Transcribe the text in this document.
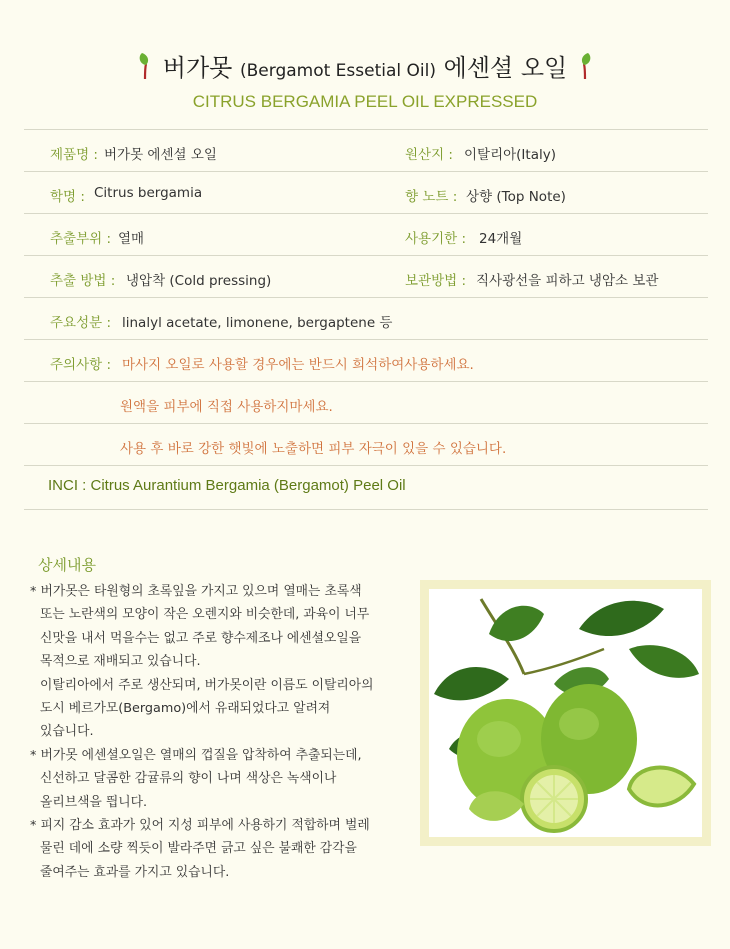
버가못 (Bergamot Essetial Oil) 에센셜 오일
CITRUS BERGAMIA PEEL OIL EXPRESSED
제품명 : 버가못 에센셜 오일	원산지 : 이탈리아(Italy)
학명 : Citrus bergamia	향 노트 : 상향 (Top Note)
추출부위 : 열매	사용기한 : 24개월
추출 방법 : 냉압착 (Cold pressing)	보관방법 : 직사광선을 피하고 냉암소 보관
주요성분 : linalyl acetate, limonene, bergaptene 등
주의사항 : 마사지 오일로 사용할 경우에는 반드시 희석하여사용하세요.
원액을 피부에 직접 사용하지마세요.
사용 후 바로 강한 햇빛에 노출하면 피부 자극이 있을 수 있습니다.
INCI : Citrus Aurantium Bergamia (Bergamot) Peel Oil
상세내용

* 버가못은 타원형의 초록잎을 가지고 있으며 열매는 초록색

또는 노란색의 모양이 작은 오렌지와 비슷한데, 과육이 너무

신맛을 내서 먹을수는 없고 주로 향수제조나 에센셜오일을

목적으로 재배되고 있습니다.

이탈리아에서 주로 생산되며, 버가못이란 이름도 이탈리아의

도시 베르가모(Bergamo)에서 유래되었다고 알려져

있습니다.

* 버가못 에센셜오일은 열매의 껍질을 압착하여 추출되는데,

신선하고 달콤한 감귤류의 향이 나며 색상은 녹색이나

올리브색을 띕니다.

* 피지 감소 효과가 있어 지성 피부에 사용하기 적합하며 벌레

물린 데에 소량 찍듯이 발라주면 긁고 싶은 불쾌한 감각을

줄여주는 효과를 가지고 있습니다.
